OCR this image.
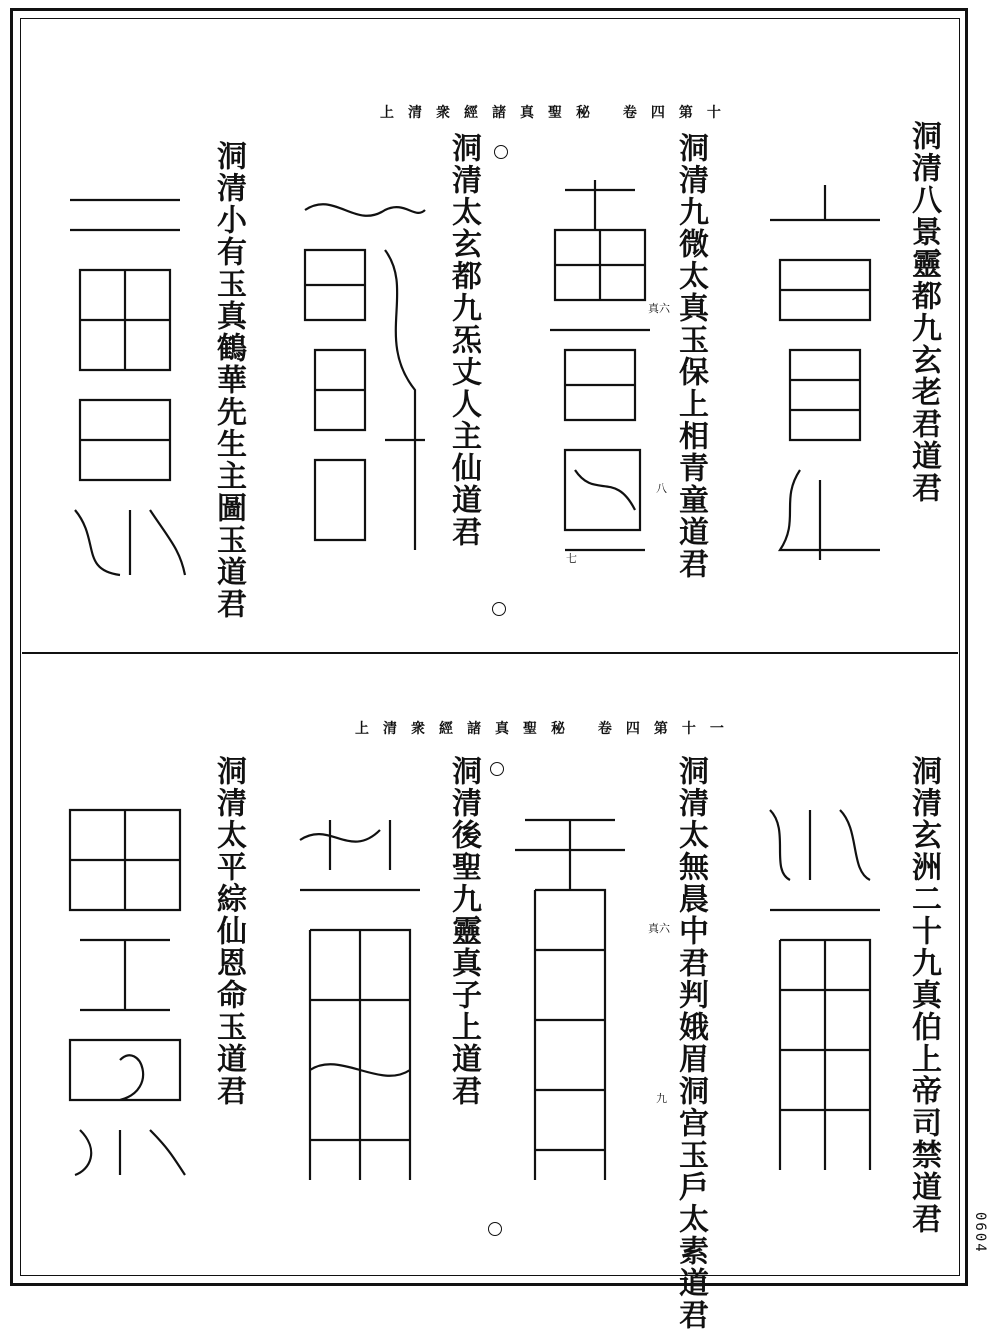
上清衆經諸真聖秘 卷四第十
洞清八景靈都九玄老君道君
洞清九微太真玉保上相青童道君
洞清太玄都九炁丈人主仙道君
洞清小有玉真鶴華先生主圖玉道君	真六
八
七
上清衆經諸真聖秘 卷四第十一
洞清玄洲二十九真伯上帝司禁道君
洞清太無晨中君判娥眉洞宫玉戶太素道君
洞清後聖九靈真子上道君
洞清太平綜仙恩命玉道君	真六
九
0604
